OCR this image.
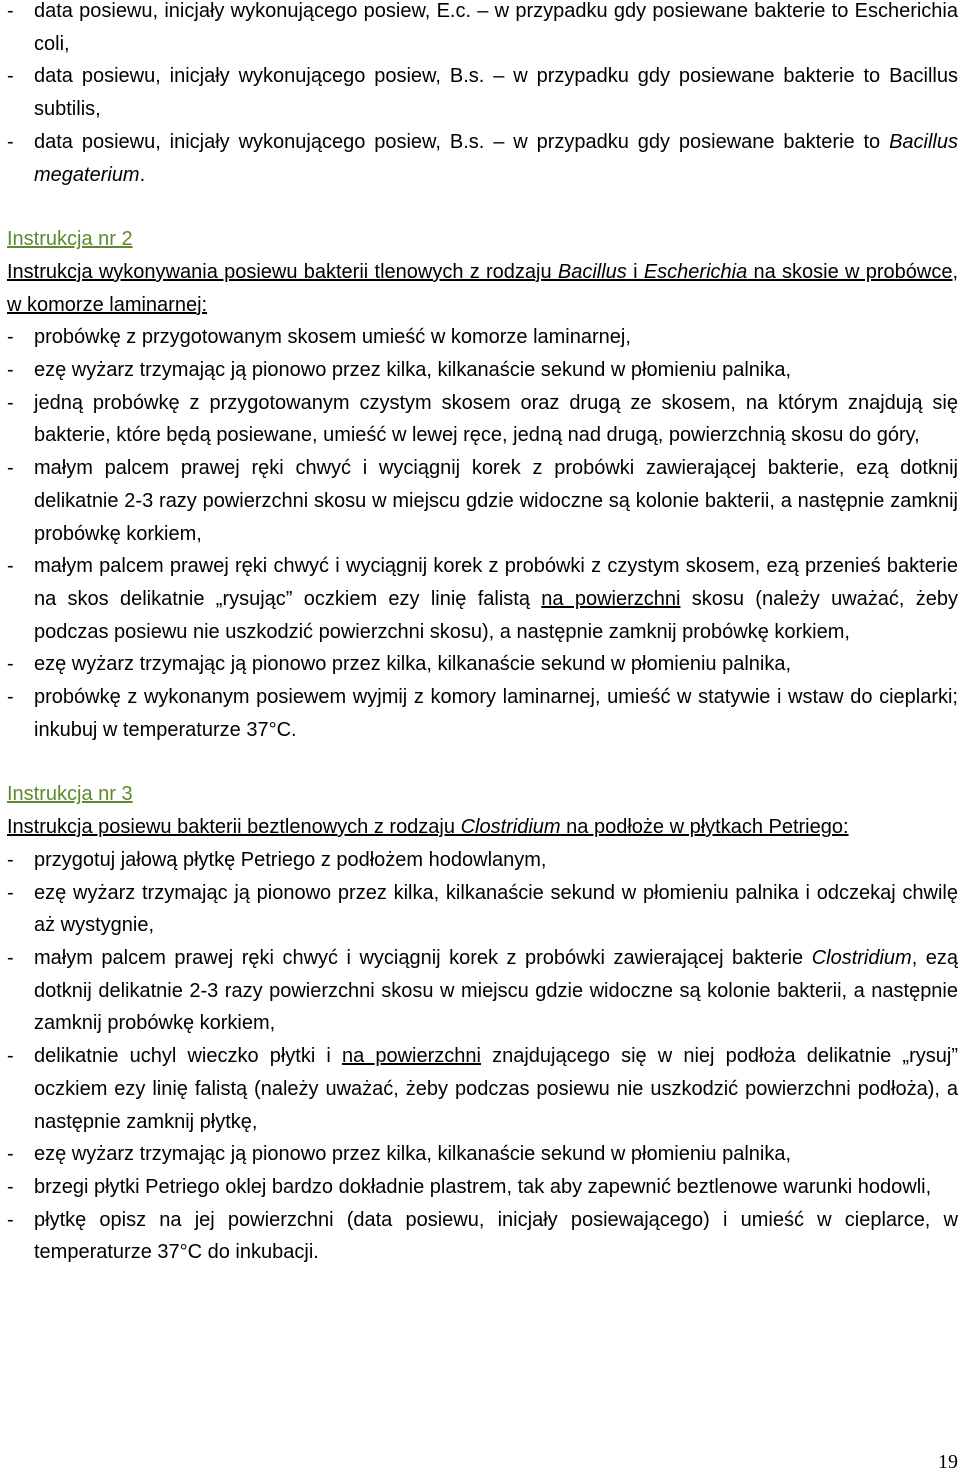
- data posiewu, inicjały wykonującego posiew, E.c. – w przypadku gdy posiewane bakterie to Escherichia coli,
- data posiewu, inicjały wykonującego posiew, B.s. – w przypadku gdy posiewane bakterie to Bacillus subtilis,
- data posiewu, inicjały wykonującego posiew, B.s. – w przypadku gdy posiewane bakterie to Bacillus megaterium.
Instrukcja nr 2
Instrukcja wykonywania posiewu bakterii tlenowych z rodzaju Bacillus i Escherichia na skosie w probówce, w komorze laminarnej:
- probówkę z przygotowanym skosem umieść w komorze laminarnej,
- ezę wyżarz trzymając ją pionowo przez kilka, kilkanaście sekund w płomieniu palnika,
- jedną probówkę z przygotowanym czystym skosem oraz drugą ze skosem, na którym znajdują się bakterie, które będą posiewane, umieść w lewej ręce, jedną nad drugą, powierzchnią skosu do góry,
- małym palcem prawej ręki chwyć i wyciągnij korek z probówki zawierającej bakterie, ezą dotknij delikatnie 2-3 razy powierzchni skosu w miejscu gdzie widoczne są kolonie bakterii, a następnie zamknij probówkę korkiem,
- małym palcem prawej ręki chwyć i wyciągnij korek z probówki z czystym skosem, ezą przenieś bakterie na skos delikatnie „rysując” oczkiem ezy linię falistą na powierzchni skosu (należy uważać, żeby podczas posiewu nie uszkodzić powierzchni skosu), a następnie zamknij probówkę korkiem,
- ezę wyżarz trzymając ją pionowo przez kilka, kilkanaście sekund w płomieniu palnika,
- probówkę z wykonanym posiewem wyjmij z komory laminarnej, umieść w statywie i wstaw do cieplarki; inkubuj w temperaturze 37°C.
Instrukcja nr 3
Instrukcja posiewu bakterii beztlenowych z rodzaju Clostridium na podłoże w płytkach Petriego:
- przygotuj jałową płytkę Petriego z podłożem hodowlanym,
- ezę wyżarz trzymając ją pionowo przez kilka, kilkanaście sekund w płomieniu palnika i odczekaj chwilę aż wystygnie,
- małym palcem prawej ręki chwyć i wyciągnij korek z probówki zawierającej bakterie Clostridium, ezą dotknij delikatnie 2-3 razy powierzchni skosu w miejscu gdzie widoczne są kolonie bakterii, a następnie zamknij probówkę korkiem,
- delikatnie uchyl wieczko płytki i na powierzchni znajdującego się w niej podłoża delikatnie „rysuj” oczkiem ezy linię falistą (należy uważać, żeby podczas posiewu nie uszkodzić powierzchni podłoża), a następnie zamknij płytkę,
- ezę wyżarz trzymając ją pionowo przez kilka, kilkanaście sekund w płomieniu palnika,
- brzegi płytki Petriego oklej bardzo dokładnie plastrem, tak aby zapewnić beztlenowe warunki hodowli,
- płytkę opisz na jej powierzchni (data posiewu, inicjały posiewającego) i umieść w cieplarce, w temperaturze 37°C do inkubacji.
19
